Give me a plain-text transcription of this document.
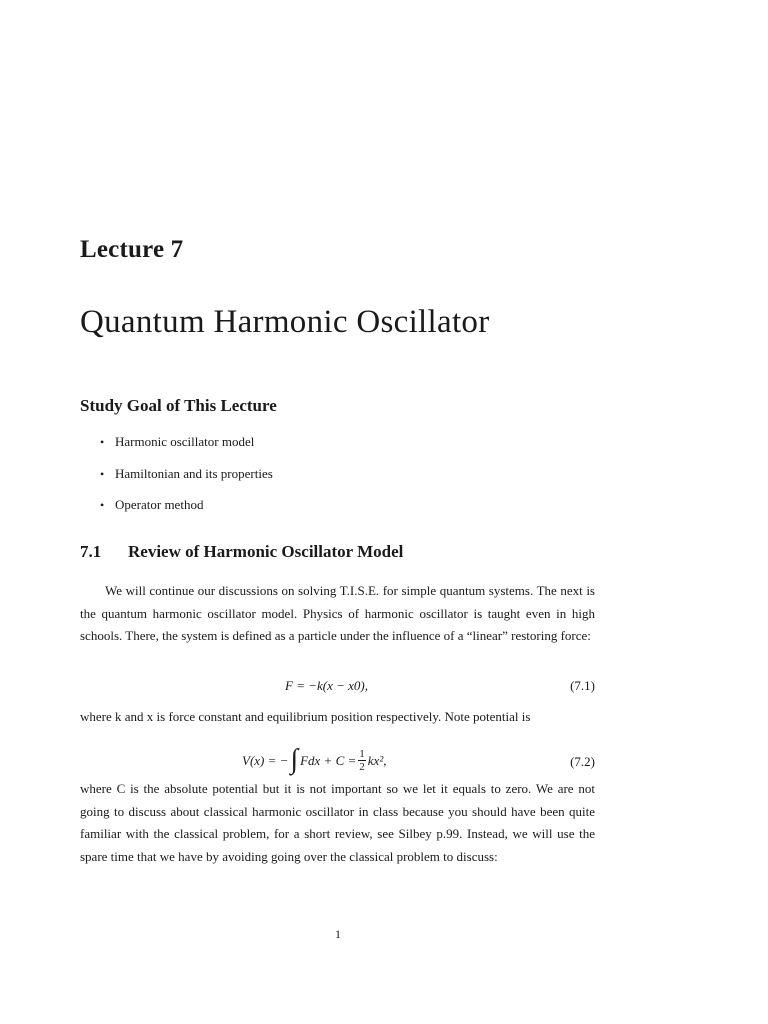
Lecture 7
Quantum Harmonic Oscillator
Study Goal of This Lecture
• Harmonic oscillator model
• Hamiltonian and its properties
• Operator method
7.1	Review of Harmonic Oscillator Model

We will continue our discussions on solving T.I.S.E. for simple quantum systems. The next is the quantum harmonic oscillator model. Physics of harmonic oscillator is taught even in high schools. There, the system is defined as a particle under the influence of a “linear” restoring force:

F = −k(x − x0),	(7.1)

where k and x is force constant and equilibrium position respectively. Note potential is

V(x) = − ∫ Fdx + $C = \frac{1}{2} kx^2$,	(7.2)

where C is the absolute potential but it is not important so we let it equals to zero. We are not going to discuss about classical harmonic oscillator in class because you should have been quite familiar with the classical problem, for a short review, see Silbey p.99. Instead, we will use the spare time that we have by avoiding going over the classical problem to discuss:

1
